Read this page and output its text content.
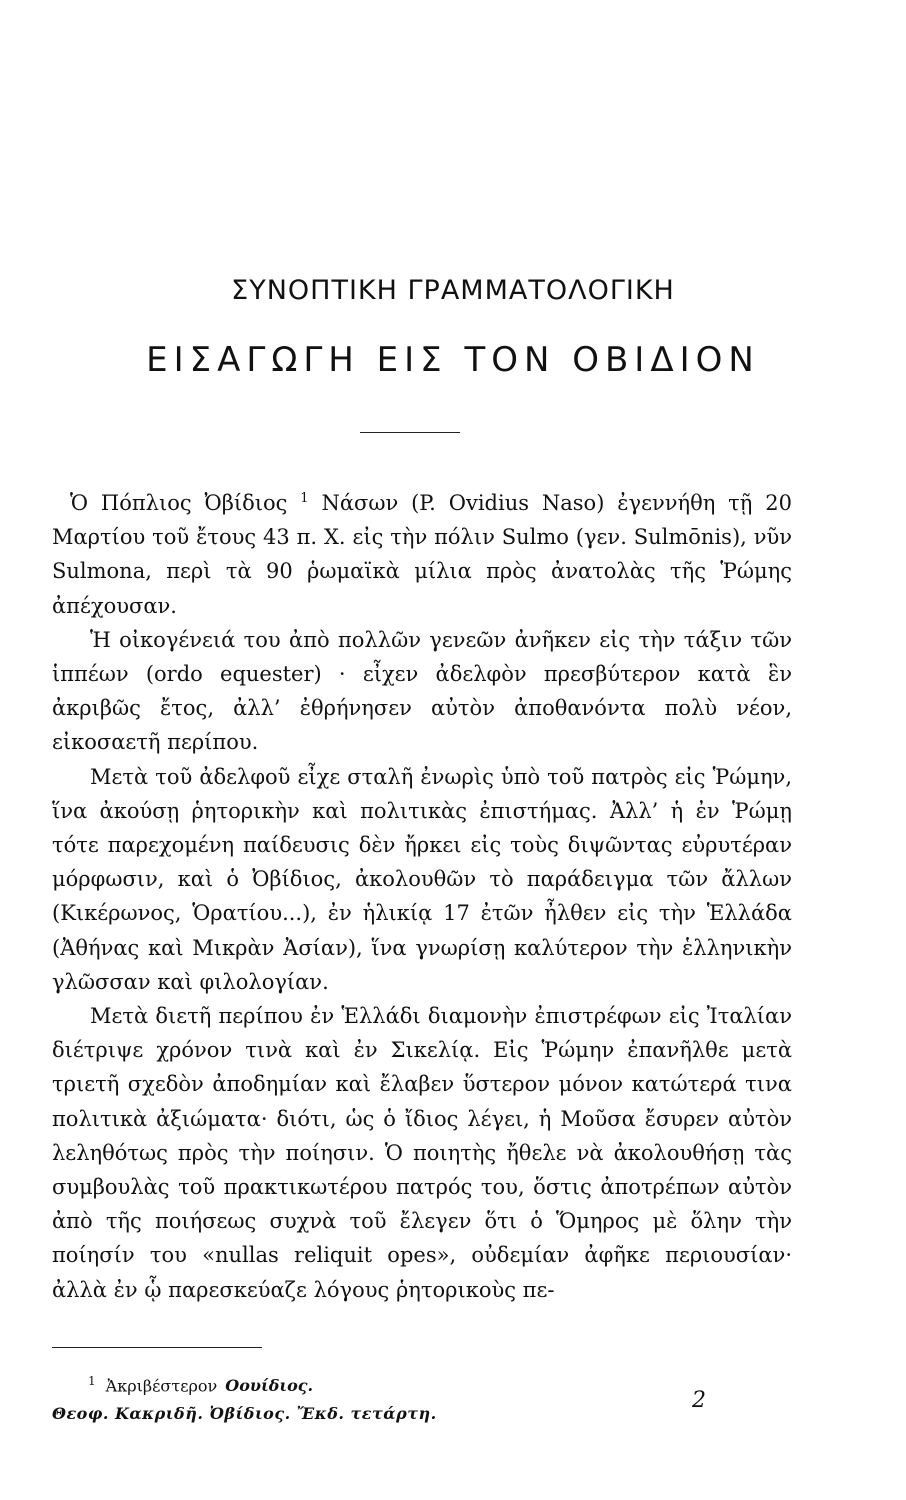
ΣΥΝΟΠΤΙΚΗ ΓΡΑΜΜΑΤΟΛΟΓΙΚΗ
ΕΙΣΑΓΩΓΗ ΕΙΣ ΤΟΝ ΟΒΙΔΙΟΝ

Ὁ Πόπλιος Ὀβίδιος $^1$ Νάσων (P. Ovidius Naso) ἐγεννήθη τῇ 20 Μαρτίου τοῦ ἔτους 43 π. Χ. εἰς τὴν πόλιν Sulmo (γεν. Sulmōnis), νῦν Sulmona, περὶ τὰ 90 ῥωμαϊκὰ μίλια πρὸς ἀνατολὰς τῆς Ῥώμης ἀπέχουσαν.

Ἡ οἰκογένειά του ἀπὸ πολλῶν γενεῶν ἀνῆκεν εἰς τὴν τάξιν τῶν ἱππέων (ordo equester) · εἶχεν ἀδελφὸν πρεσβύτερον κατὰ ἓν ἀκριβῶς ἔτος, ἀλλ’ ἐθρήνησεν αὐτὸν ἀποθανόντα πολὺ νέον, εἰκοσαετῆ περίπου.

Μετὰ τοῦ ἀδελφοῦ εἶχε σταλῆ ἐνωρὶς ὑπὸ τοῦ πατρὸς εἰς Ῥώμην, ἵνα ἀκούσῃ ῥητορικὴν καὶ πολιτικὰς ἐπιστήμας. Ἀλλ’ ἡ ἐν Ῥώμῃ τότε παρεχομένη παίδευσις δὲν ἤρκει εἰς τοὺς διψῶντας εὐρυτέραν μόρφωσιν, καὶ ὁ Ὀβίδιος, ἀκολουθῶν τὸ παράδειγμα τῶν ἄλλων (Κικέρωνος, Ὁρατίου...), ἐν ἡλικίᾳ 17 ἐτῶν ἦλθεν εἰς τὴν Ἑλλάδα (Ἀθήνας καὶ Μικρὰν Ἀσίαν), ἵνα γνωρίσῃ καλύτερον τὴν ἑλληνικὴν γλῶσσαν καὶ φιλολογίαν.

Μετὰ διετῆ περίπου ἐν Ἑλλάδι διαμονὴν ἐπιστρέφων εἰς Ἰταλίαν διέτριψε χρόνον τινὰ καὶ ἐν Σικελίᾳ. Εἰς Ῥώμην ἐπανῆλθε μετὰ τριετῆ σχεδὸν ἀποδημίαν καὶ ἔλαβεν ὕστερον μόνον κατώτερά τινα πολιτικὰ ἀξιώματα· διότι, ὡς ὁ ἴδιος λέγει, ἡ Μοῦσα ἔσυρεν αὐτὸν λεληθότως πρὸς τὴν ποίησιν. Ὁ ποιητὴς ἤθελε νὰ ἀκολουθήσῃ τὰς συμβουλὰς τοῦ πρακτικωτέρου πατρός του, ὅστις ἀποτρέπων αὐτὸν ἀπὸ τῆς ποιήσεως συχνὰ τοῦ ἔλεγεν ὅτι ὁ Ὅμηρος μὲ ὅλην τὴν ποίησίν του «nullas reliquit opes», οὐδεμίαν ἀφῆκε περιουσίαν· ἀλλὰ ἐν ᾧ παρεσκεύαζε λόγους ῥητορικοὺς πε-

$^1$ Ἀκριβέστερον Οουίδιος.
Θεοφ. Κακριδῆ. Ὀβίδιος. Ἔκδ. τετάρτη.
2
